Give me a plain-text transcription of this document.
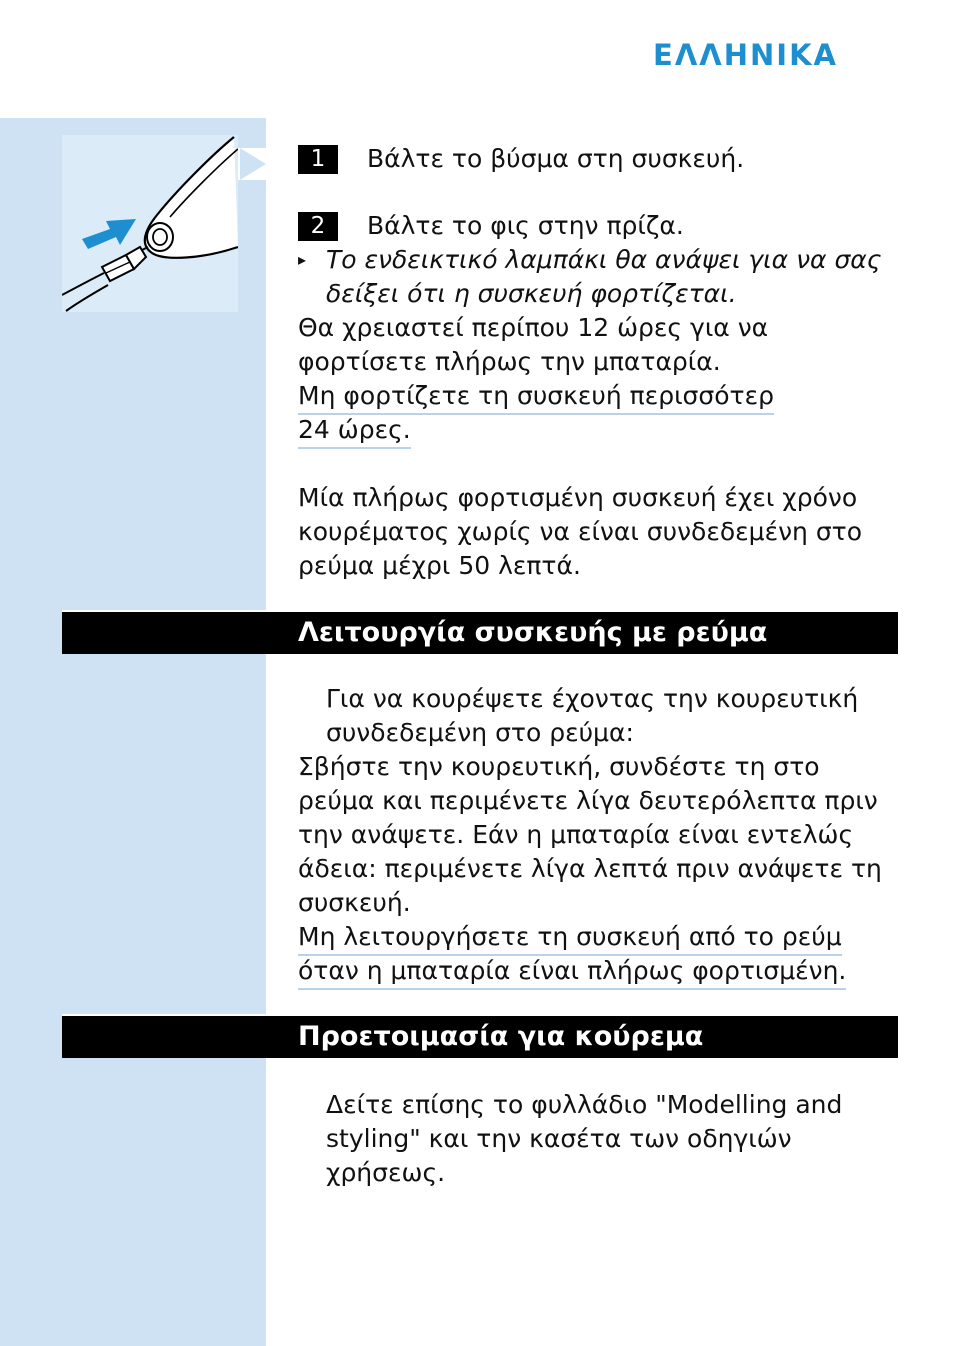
ΕΛΛΗΝΙΚΑ
1	Βάλτε το βύσμα στη συσκευή.
2	Βάλτε το φις στην πρίζα.
▸ Το ενδεικτικό λαμπάκι θα ανάψει για να σας
δείξει ότι η συσκευή φορτίζεται.
Θα χρειαστεί περίπου 12 ώρες για να
φορτίσετε πλήρως την μπαταρία.
Μη φορτίζετε τη συσκευή περισσότερ
24 ώρες.
Μία πλήρως φορτισμένη συσκευή έχει χρόνο
κουρέματος χωρίς να είναι συνδεδεμένη στο
ρεύμα μέχρι 50 λεπτά.
Λειτουργία συσκευής με ρεύμα
Για να κουρέψετε έχοντας την κουρευτική
συνδεδεμένη στο ρεύμα:
Σβήστε την κουρευτική, συνδέστε τη στο
ρεύμα και περιμένετε λίγα δευτερόλεπτα πριν
την ανάψετε. Εάν η μπαταρία είναι εντελώς
άδεια: περιμένετε λίγα λεπτά πριν ανάψετε τη
συσκευή.
Μη λειτουργήσετε τη συσκευή από το ρεύμ
όταν η μπαταρία είναι πλήρως φορτισμένη.
Προετοιμασία για κούρεμα
Δείτε επίσης το φυλλάδιο "Modelling and
styling" και την κασέτα των οδηγιών
χρήσεως.
